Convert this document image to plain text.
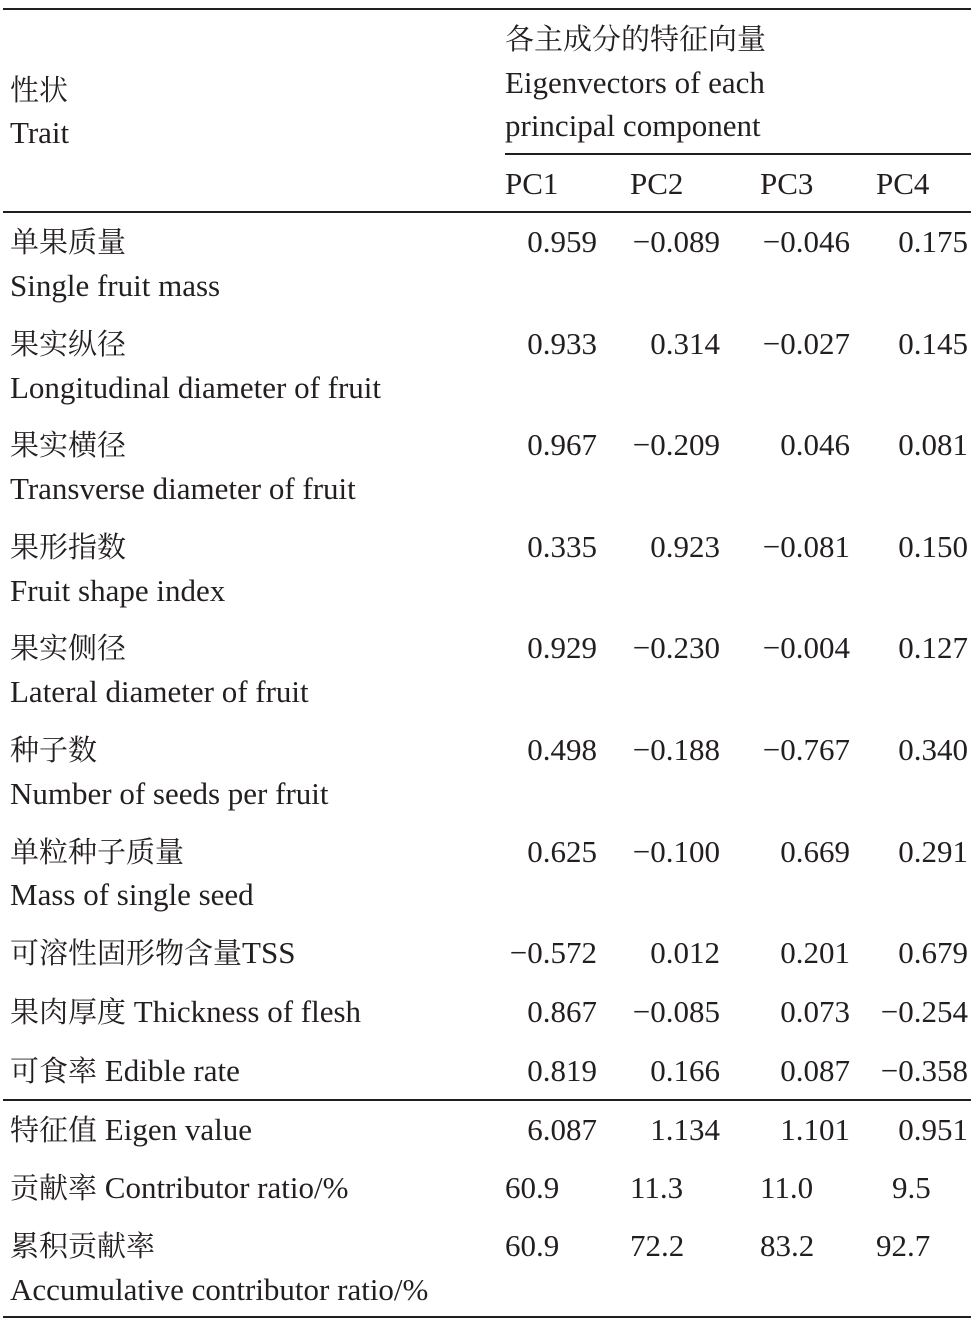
性状
Trait
各主成分的特征向量
Eigenvectors of each
principal component
PC1 PC2 PC3 PC4
单果质量
Single fruit mass
0.959	−0.089	−0.046	0.175
果实纵径
Longitudinal diameter of fruit
0.933	0.314	−0.027	0.145
果实横径
Transverse diameter of fruit
0.967	−0.209	0.046	0.081
果形指数
Fruit shape index
0.335	0.923	−0.081	0.150
果实侧径
Lateral diameter of fruit
0.929	−0.230	−0.004	0.127
种子数
Number of seeds per fruit
0.498	−0.188	−0.767	0.340
单粒种子质量
Mass of single seed
0.625	−0.100	0.669	0.291
可溶性固形物含量TSS	−0.572	0.012	0.201	0.679
果肉厚度 Thickness of flesh	0.867	−0.085	0.073 −0.254
可食率 Edible rate	0.819	0.166	0.087 −0.358
特征值 Eigen value	6.087	1.134	1.101	0.951
贡献率 Contributor ratio/%	60.9 11.3 11.0	9.5
累积贡献率
Accumulative contributor ratio/%
60.9 72.2 83.2 92.7
